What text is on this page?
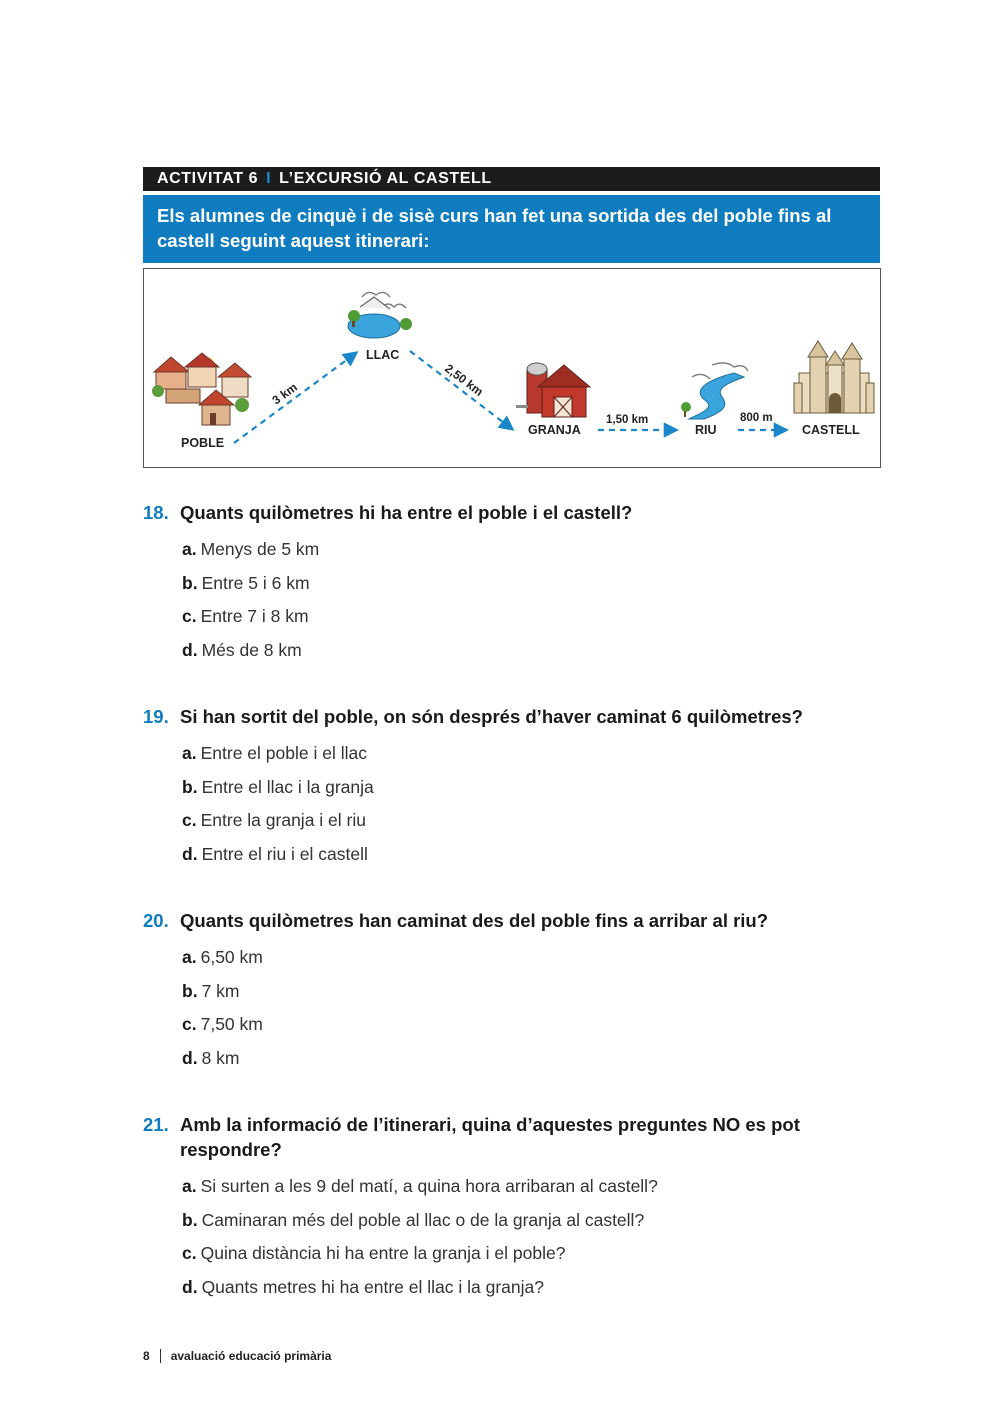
ACTIVITAT 6 I L’EXCURSIÓ AL CASTELL
Els alumnes de cinquè i de sisè curs han fet una sortida des del poble fins al castell seguint aquest itinerari:
POBLE
LLAC
GRANJA	RIU	CASTELL
3 km	2,50 km
1,50 km	800 m
18. Quants quilòmetres hi ha entre el poble i el castell?
a. Menys de 5 km
b. Entre 5 i 6 km
c. Entre 7 i 8 km
d. Més de 8 km
19. Si han sortit del poble, on són després d’haver caminat 6 quilòmetres?
a. Entre el poble i el llac
b. Entre el llac i la granja
c. Entre la granja i el riu
d. Entre el riu i el castell
20. Quants quilòmetres han caminat des del poble fins a arribar al riu?
a. 6,50 km
b. 7 km
c. 7,50 km
d. 8 km
21. Amb la informació de l’itinerari, quina d’aquestes preguntes NO es pot respondre?
a. Si surten a les 9 del matí, a quina hora arribaran al castell?
b. Caminaran més del poble al llac o de la granja al castell?
c. Quina distància hi ha entre la granja i el poble?
d. Quants metres hi ha entre el llac i la granja?
8 avaluació educació primària
